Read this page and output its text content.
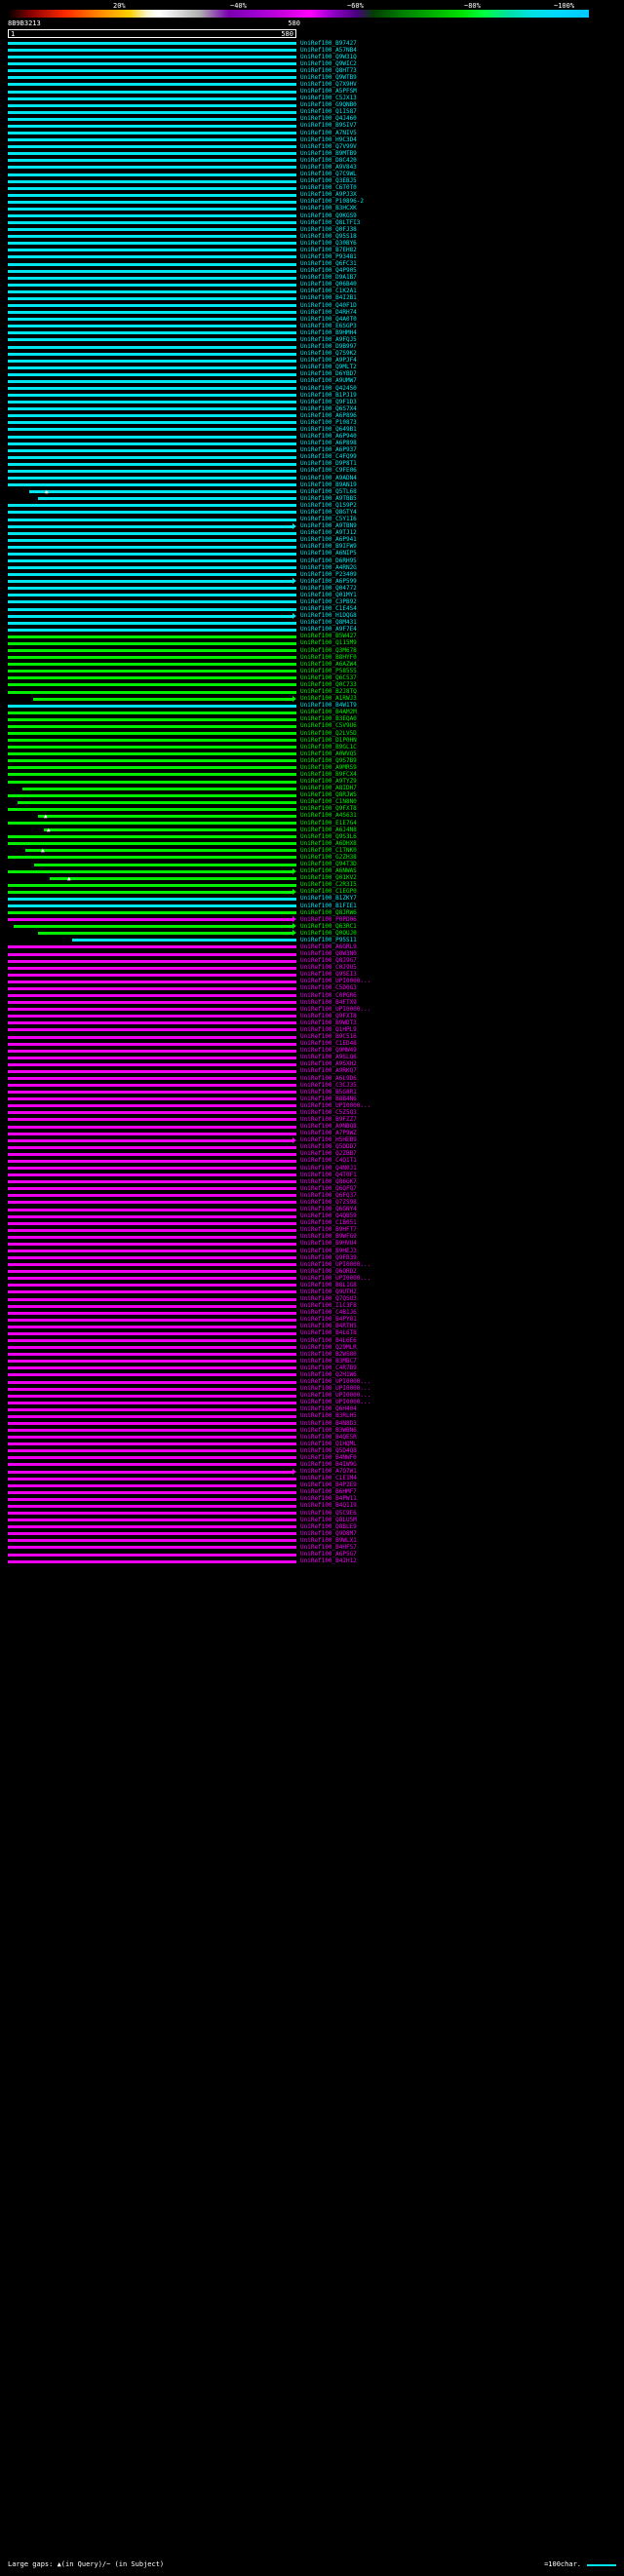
20%	~40%	~60%	~80%	~100%
8B9B3213	580
1	580
▲
▲
▲
▲
▲
UniRef100_B97427
UniRef100_A57NB4
UniRef100_Q9W31Q
UniRef100_Q9WIC2
UniRef100_Q8HT73
UniRef100_Q9WTB9
UniRef100_Q7X9HV
UniRef100_A5PFSM
UniRef100_C5JX13
UniRef100_G9QNB0
UniRef100_Q1IS87
UniRef100_Q4J460
UniRef100_B9SIV7
UniRef100_A7NIV5
UniRef100_H9C3D4
UniRef100_Q7V99V
UniRef100_B9MTB9
UniRef100_D8C420
UniRef100_A9V843
UniRef100_Q7C9WL
UniRef100_Q3EBJ5
UniRef100_C6T0T0
UniRef100_A9PJ3X
UniRef100_P10896-2
UniRef100_B3HCXK
UniRef100_Q9KGS9
UniRef100_Q8LTFI3
UniRef100_Q0FJ38
UniRef100_Q95S18
UniRef100_Q30BY6
UniRef100_B7EH82
UniRef100_P93481
UniRef100_Q6FC31
UniRef100_Q4P905
UniRef100_D9A1B7
UniRef100_Q06B40
UniRef100_C1K2A1
UniRef100_B4I2B1
UniRef100_Q40F1D
UniRef100_D4RH74
UniRef100_Q4A0T0
UniRef100_E6SGP3
UniRef100_B9HMH4
UniRef100_A9FQJ5
UniRef100_D9B997
UniRef100_Q7S9K2
UniRef100_A9PJF4
UniRef100_Q9MLT2
UniRef100_D6YBD7
UniRef100_A9UMW7
UniRef100_Q42450
UniRef100_B1PJ19
UniRef100_Q9F1D3
UniRef100_Q6S7X4
UniRef100_A6P896
UniRef100_P10873
UniRef100_Q649B1
UniRef100_A6P940
UniRef100_A6P898
UniRef100_A6P937
UniRef100_C4FQ99
UniRef100_D9P8T1
UniRef100_C9FE06
UniRef100_A9ADN4
UniRef100_B9AN19
UniRef100_Q5TL68
UniRef100_A9TBB5
UniRef100_Q1S9P2
UniRef100_Q8GTY4
UniRef100_C5Y1I6
UniRef100_A9TBN9
UniRef100_A9TJ12
UniRef100_A6P941
UniRef100_B9IFW9
UniRef100_A6NIP5
UniRef100_D6RH95
UniRef100_A4RN2G
UniRef100_P23409
UniRef100_A6P599
UniRef100_Q04772
UniRef100_Q01MY1
UniRef100_C3PB92
UniRef100_C1E4S4
UniRef100_H1DQG8
UniRef100_Q8M431
UniRef100_A9F7E4
UniRef100_B5W427
UniRef100_Q115M9
UniRef100_Q3M678
UniRef100_B8HYF0
UniRef100_A6AZW4
UniRef100_P58555
UniRef100_Q6C537
UniRef100_Q0C733
UniRef100_B2J8TQ
UniRef100_A1RWJ3
UniRef100_B4W1T9
UniRef100_B4AM2M
UniRef100_B3EQA0
UniRef100_C5V9U6
UniRef100_Q2LV5D
UniRef100_D1P0HN
UniRef100_B9GL1C
UniRef100_A0WVQ5
UniRef100_Q9S7B9
UniRef100_A9MRS9
UniRef100_B9FCX4
UniRef100_A9TYZ9
UniRef100_A8IDH7
UniRef100_Q8RJWS
UniRef100_C1N8N0
UniRef100_Q9FXT8
UniRef100_A4S631
UniRef100_E1E7G4
UniRef100_A6J4N8
UniRef100_Q9S3L6
UniRef100_A6DHX8
UniRef100_C1TNK0
UniRef100_G2ZH38
UniRef100_Q94T3D
UniRef100_A6NWAS
UniRef100_Q01KV2
UniRef100_C2R3I5
UniRef100_C1EGP0
UniRef100_B1ZKY7
UniRef100_B1FIE1
UniRef100_Q8JRW6
UniRef100_P0PD06
UniRef100_Q63RC1
UniRef100_Q0OUJ0
UniRef100_P95S11
UniRef100_A6GRL9
UniRef100_Q8W3N0
UniRef100_Q8J9G7
UniRef100_C0J9U5
UniRef100_Q9SEI3
UniRef100_UPI0000...
UniRef100_C5D0G3
UniRef100_C0PGR6
UniRef100_B4FTX9
UniRef100_UPI0000...
UniRef100_Q9FXT8
UniRef100_B9WDT3
UniRef100_Q1HPL9
UniRef100_B9C516
UniRef100_C1ED48
UniRef100_Q9MW49
UniRef100_A9SLQ6
UniRef100_A9SXH2
UniRef100_A9RKQ7
UniRef100_A6L9D6
UniRef100_C3CJ35
UniRef100_B5G8R1
UniRef100_B8B4N6
UniRef100_UPI0000...
UniRef100_C5Z5Q3
UniRef100_B9FZZ7
UniRef100_A9NBQ8
UniRef100_A7P9WZ
UniRef100_H5HEB9
UniRef100_Q5DDD7
UniRef100_Q2ZBB7
UniRef100_C4Q1T1
UniRef100_Q4N0J1
UniRef100_Q4T0F1
UniRef100_Q86GK7
UniRef100_Q6QFQ7
UniRef100_Q6FQ37
UniRef100_Q7ZS98
UniRef100_Q6GNY4
UniRef100_Q4QB59
UniRef100_C1B051
UniRef100_B9HFT7
UniRef100_B9WFG9
UniRef100_B9HVU4
UniRef100_B9HEJ3
UniRef100_Q9FB39
UniRef100_UPI0000...
UniRef100_Q6ORD2
UniRef100_UPI0000...
UniRef100_B8L1G8
UniRef100_Q9UTH2
UniRef100_Q7QSU3
UniRef100_I1C3F8
UniRef100_C4B1J6
UniRef100_B4PY81
UniRef100_B4RTH5
UniRef100_B4L6T8
UniRef100_B4L6E6
UniRef100_Q29MLR
UniRef100_B2WS80
UniRef100_B3MBC7
UniRef100_C4R7B9
UniRef100_Q2H1W6
UniRef100_UPI0000...
UniRef100_UPI0000...
UniRef100_UPI0000...
UniRef100_UPI0000...
UniRef100_Q6H404
UniRef100_B3RLH5
UniRef100_B4N8D3
UniRef100_B3WBN6
UniRef100_B4QE5R
UniRef100_Q1HQML
UniRef100_Q5D4Q8
UniRef100_B4NWF0
UniRef100_B4IW9G
UniRef100_A7Q7W1
UniRef100_C1E1M4
UniRef100_B4P2E9
UniRef100_B6HMF7
UniRef100_B4PW11
UniRef100_B4Q1I9
UniRef100_Q5C9E6
UniRef100_Q8LU5M
UniRef100_Q8BLE9
UniRef100_Q9D8M7
UniRef100_B9WLX1
UniRef100_B4HFS7
UniRef100_A6P5G7
UniRef100_B4JH12
Large gaps: ▲(in Query)/~ (in Subject)	=100char.
